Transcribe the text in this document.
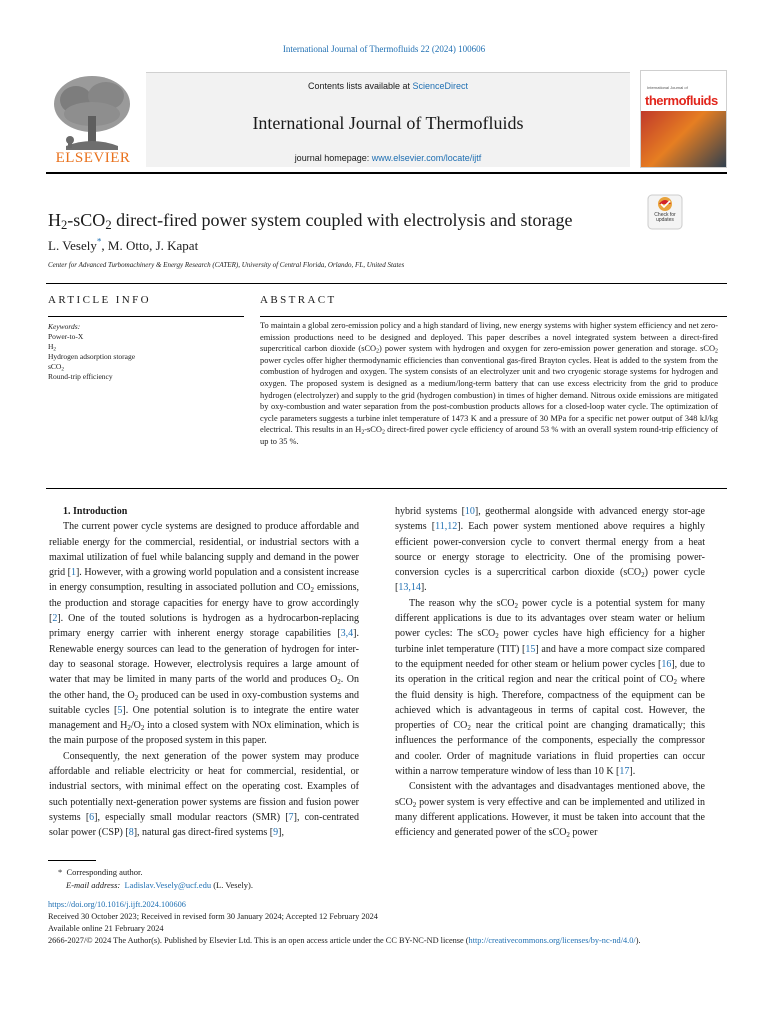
International Journal of Thermofluids 22 (2024) 100606
ELSEVIER
Contents lists available at ScienceDirect
International Journal of Thermofluids
journal homepage: www.elsevier.com/locate/ijtf
International Journal of
thermofluids
$H_2-sCO_2$ direct-fired power system coupled with electrolysis and storage	Check for
updates
L. Vesely*, M. Otto, J. Kapat
Center for Advanced Turbomachinery & Energy Research (CATER), University of Central Florida, Orlando, FL, United States
ARTICLE INFO
Keywords:
Power-to-X
$H_2$
Hydrogen adsorption storage
sCO$_2$
Round-trip efficiency
ABSTRACT
To maintain a global zero-emission policy and a high standard of living, new energy systems with higher system efficiency and net zero-emission productions need to be designed and deployed. This paper describes a novel integrated system between a direct-fired supercritical carbon dioxide (sCO$_2$) power system with hydrogen and oxygen for zero-emission power generation and storage. sCO$_2$ power cycles offer higher thermodynamic efficiencies than conventional gas-fired Brayton cycles. Heat is added to the system from the combustion of hydrogen and oxygen. The system consists of an electrolyzer unit and two cryogenic storage systems for hydrogen and oxygen. The proposed system is designed as a medium/long-term battery that can use excess electricity from the grid to produce hydrogen (electrolyzer) and supply to the grid (hydrogen combustion) in times of higher demand. Nitrous oxide emissions are mitigated by oxy-combustion and water separation from the post-combustion products allows for a closed-loop water cycle. The optimization of cycle parameters suggests a turbine inlet temperature of 1473 K and a pressure of 30 MPa for a specific net power output of 348 kJ/kg electrical. This results in an $H_2-sCO_2$ direct-fired power cycle efficiency of around 53 % with an overall system round-trip efficiency of up to 35 %.

1. Introduction

The current power cycle systems are designed to produce affordable and reliable energy for the commercial, residential, or industrial sectors with a maximal utilization of fuel while balancing supply and demand in the power grid [1]. However, with a growing world population and a consistent increase in energy consumption, resulting in associated pollution and $CO_2$ emissions, the production and storage capacities for energy have to grow accordingly [2]. One of the touted solutions is hydrogen as a hydrocarbon-replacing primary energy carrier with inherent energy storage capabilities [3,4]. Renewable energy sources can lead to the generation of hydrogen for inter-day to seasonal storage. However, electrolysis requires a large amount of water that may be limited in many parts of the world and produces $O_2$. On the other hand, the $O_2$ produced can be used in oxy-combustion systems and suitable cycles [5]. One potential solution is to integrate the entire water management and $H_2/O_2$ into a closed system with NOx elimination, which is the main purpose of the proposed system in this paper.

Consequently, the next generation of the power system may produce affordable and reliable electricity or heat for commercial, residential, or industrial sectors, with minimal effect on the operating cost. Examples of such potentially next-generation power systems are fission and fusion power systems [6], especially small modular reactors (SMR) [7], con-centrated solar power (CSP) [8], natural gas direct-fired systems [9],

hybrid systems [10], geothermal alongside with advanced energy stor-age systems [11,12]. Each power system mentioned above requires a highly efficient power-conversion cycle to convert thermal energy from a heat source or energy storage to electricity. One of the promising power-conversion cycles is a supercritical carbon dioxide (sCO$_2$) power cycle [13,14].

The reason why the sCO$_2$ power cycle is a potential system for many different applications is due to its advantages over steam water or helium power cycles: The sCO$_2$ power cycles have high efficiency for a higher turbine inlet temperature (TIT) [15] and have a more compact size compared to the equipment needed for other steam or helium power cycles [16], due to its operation in the critical region and near the critical point of $CO_2$ where the fluid density is high. Therefore, compactness of the equipment can be achieved which is advantageous in terms of capital cost. However, the properties of $CO_2$ near the critical point are changing dramatically; this influences the performance of the components, especially the compressor and cooler. Order of magnitude variations in fluid properties can occur within a narrow temperature window of less than 10 K [17].

Consistent with the advantages and disadvantages mentioned above, the sCO$_2$ power system is very effective and can be implemented and utilized in many different applications. However, it must be taken into account that the efficiency and generated power of the sCO$_2$ power

* Corresponding author.
E-mail address: Ladislav.Vesely@ucf.edu (L. Vesely).
https://doi.org/10.1016/j.ijft.2024.100606
Received 30 October 2023; Received in revised form 30 January 2024; Accepted 12 February 2024
Available online 21 February 2024
2666-2027/© 2024 The Author(s). Published by Elsevier Ltd. This is an open access article under the CC BY-NC-ND license (http://creativecommons.org/licenses/by-nc-nd/4.0/).
